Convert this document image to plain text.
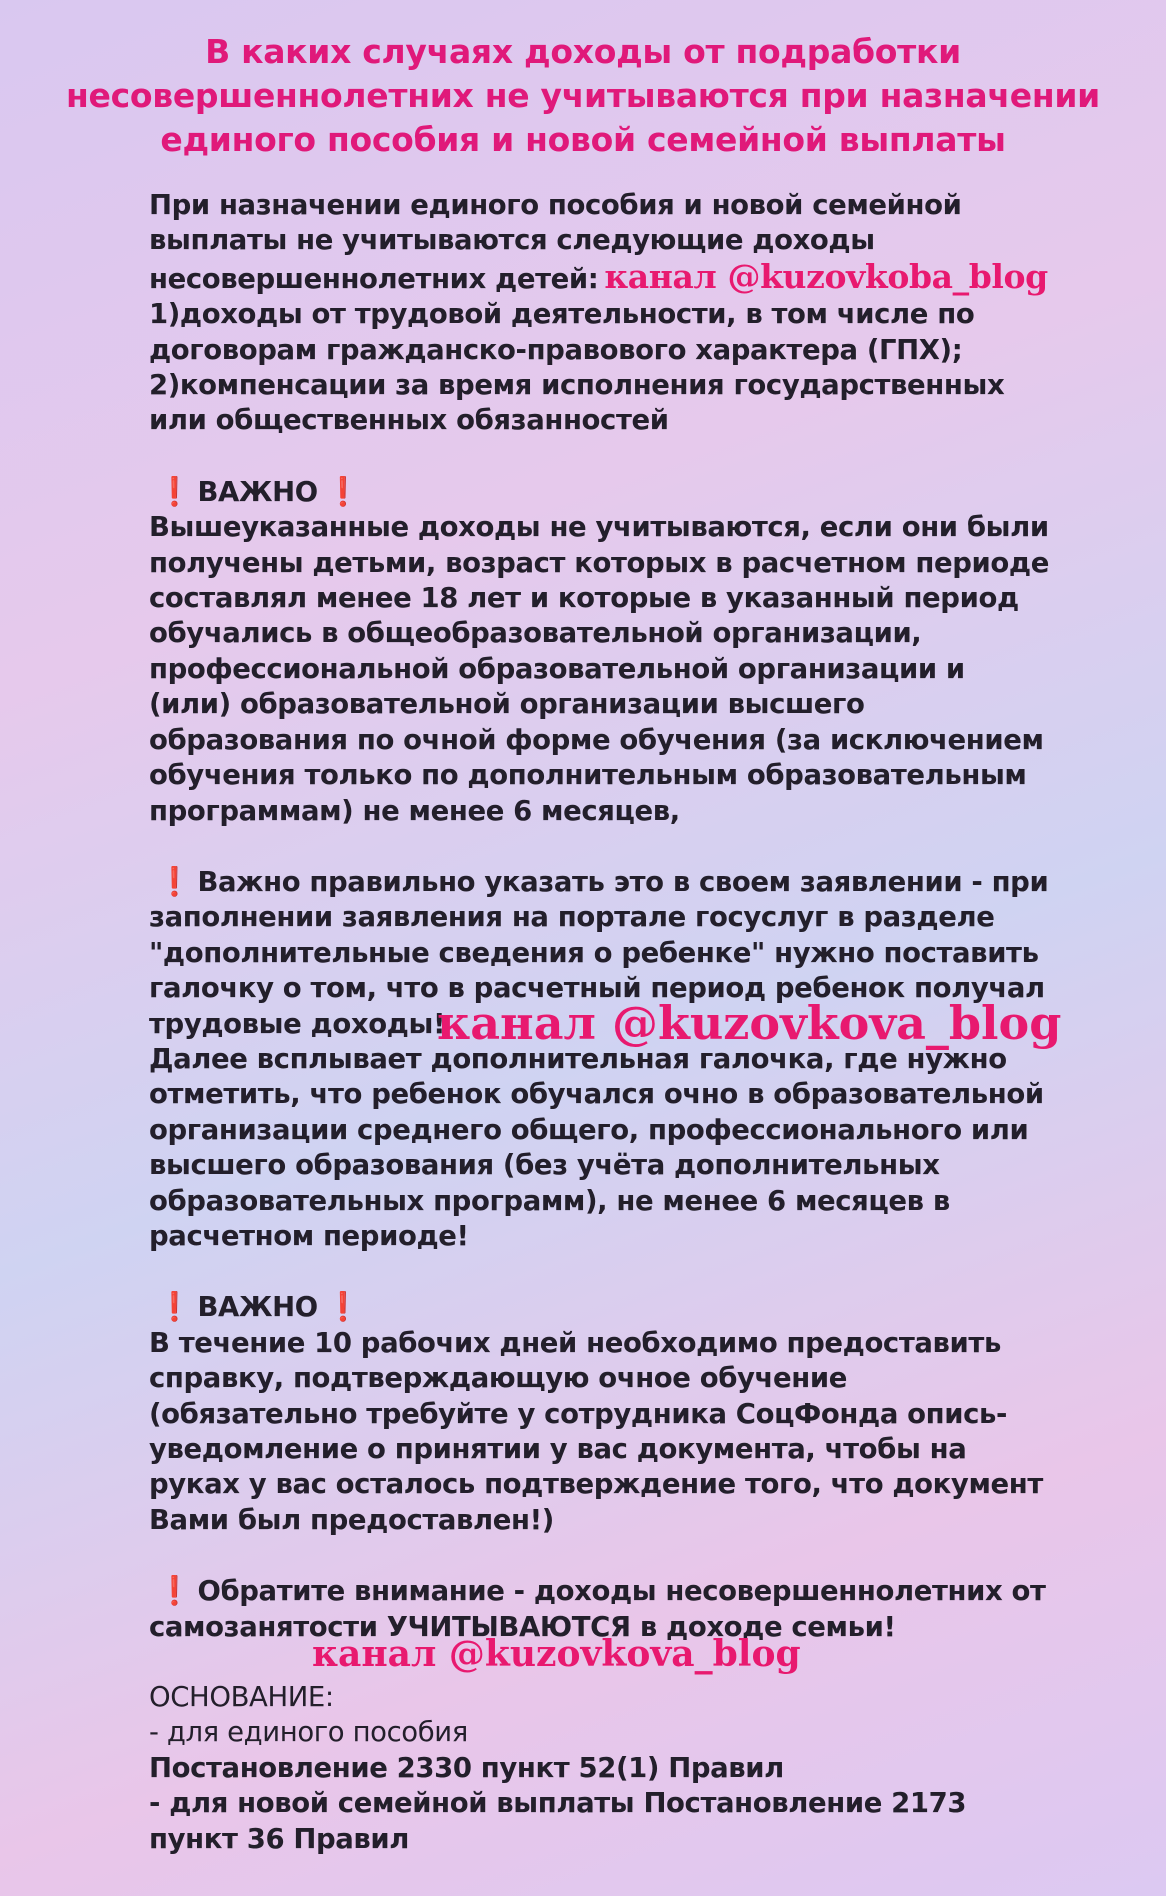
В каких случаях доходы от подработки
несовершеннолетних не учитываются при назначении
единого пособия и новой семейной выплаты
При назначении единого пособия и новой семейной
выплаты не учитываются следующие доходы
несовершеннолетних детей: канал @kuzovkoba_blog
1)доходы от трудовой деятельности, в том числе по
договорам гражданско-правового характера (ГПХ);
2)компенсации за время исполнения государственных
или общественных обязанностей
❗ ВАЖНО ❗
Вышеуказанные доходы не учитываются, если они были
получены детьми, возраст которых в расчетном периоде
составлял менее 18 лет и которые в указанный период
обучались в общеобразовательной организации,
профессиональной образовательной организации и
(или) образовательной организации высшего
образования по очной форме обучения (за исключением
обучения только по дополнительным образовательным
программам) не менее 6 месяцев,
❗ Важно правильно указать это в своем заявлении - при
заполнении заявления на портале госуслуг в разделе
"дополнительные сведения о ребенке" нужно поставить
галочку о том, что в расчетный период ребенок получал
трудовые доходы!
Далее всплывает дополнительная галочка, где нужно
отметить, что ребенок обучался очно в образовательной
организации среднего общего, профессионального или
высшего образования (без учёта дополнительных
образовательных программ), не менее 6 месяцев в
расчетном периоде!
❗ ВАЖНО ❗
В течение 10 рабочих дней необходимо предоставить
справку, подтверждающую очное обучение
(обязательно требуйте у сотрудника СоцФонда опись-
уведомление о принятии у вас документа, чтобы на
руках у вас осталось подтверждение того, что документ
Вами был предоставлен!)
❗ Обратите внимание - доходы несовершеннолетних от
самозанятости УЧИТЫВАЮТСЯ в доходе семьи!
ОСНОВАНИЕ:
- для единого пособия
Постановление 2330 пункт 52(1) Правил
- для новой семейной выплаты Постановление 2173
пункт 36 Правил
канал @kuzovkova_blog
канал @kuzovkova_blog
